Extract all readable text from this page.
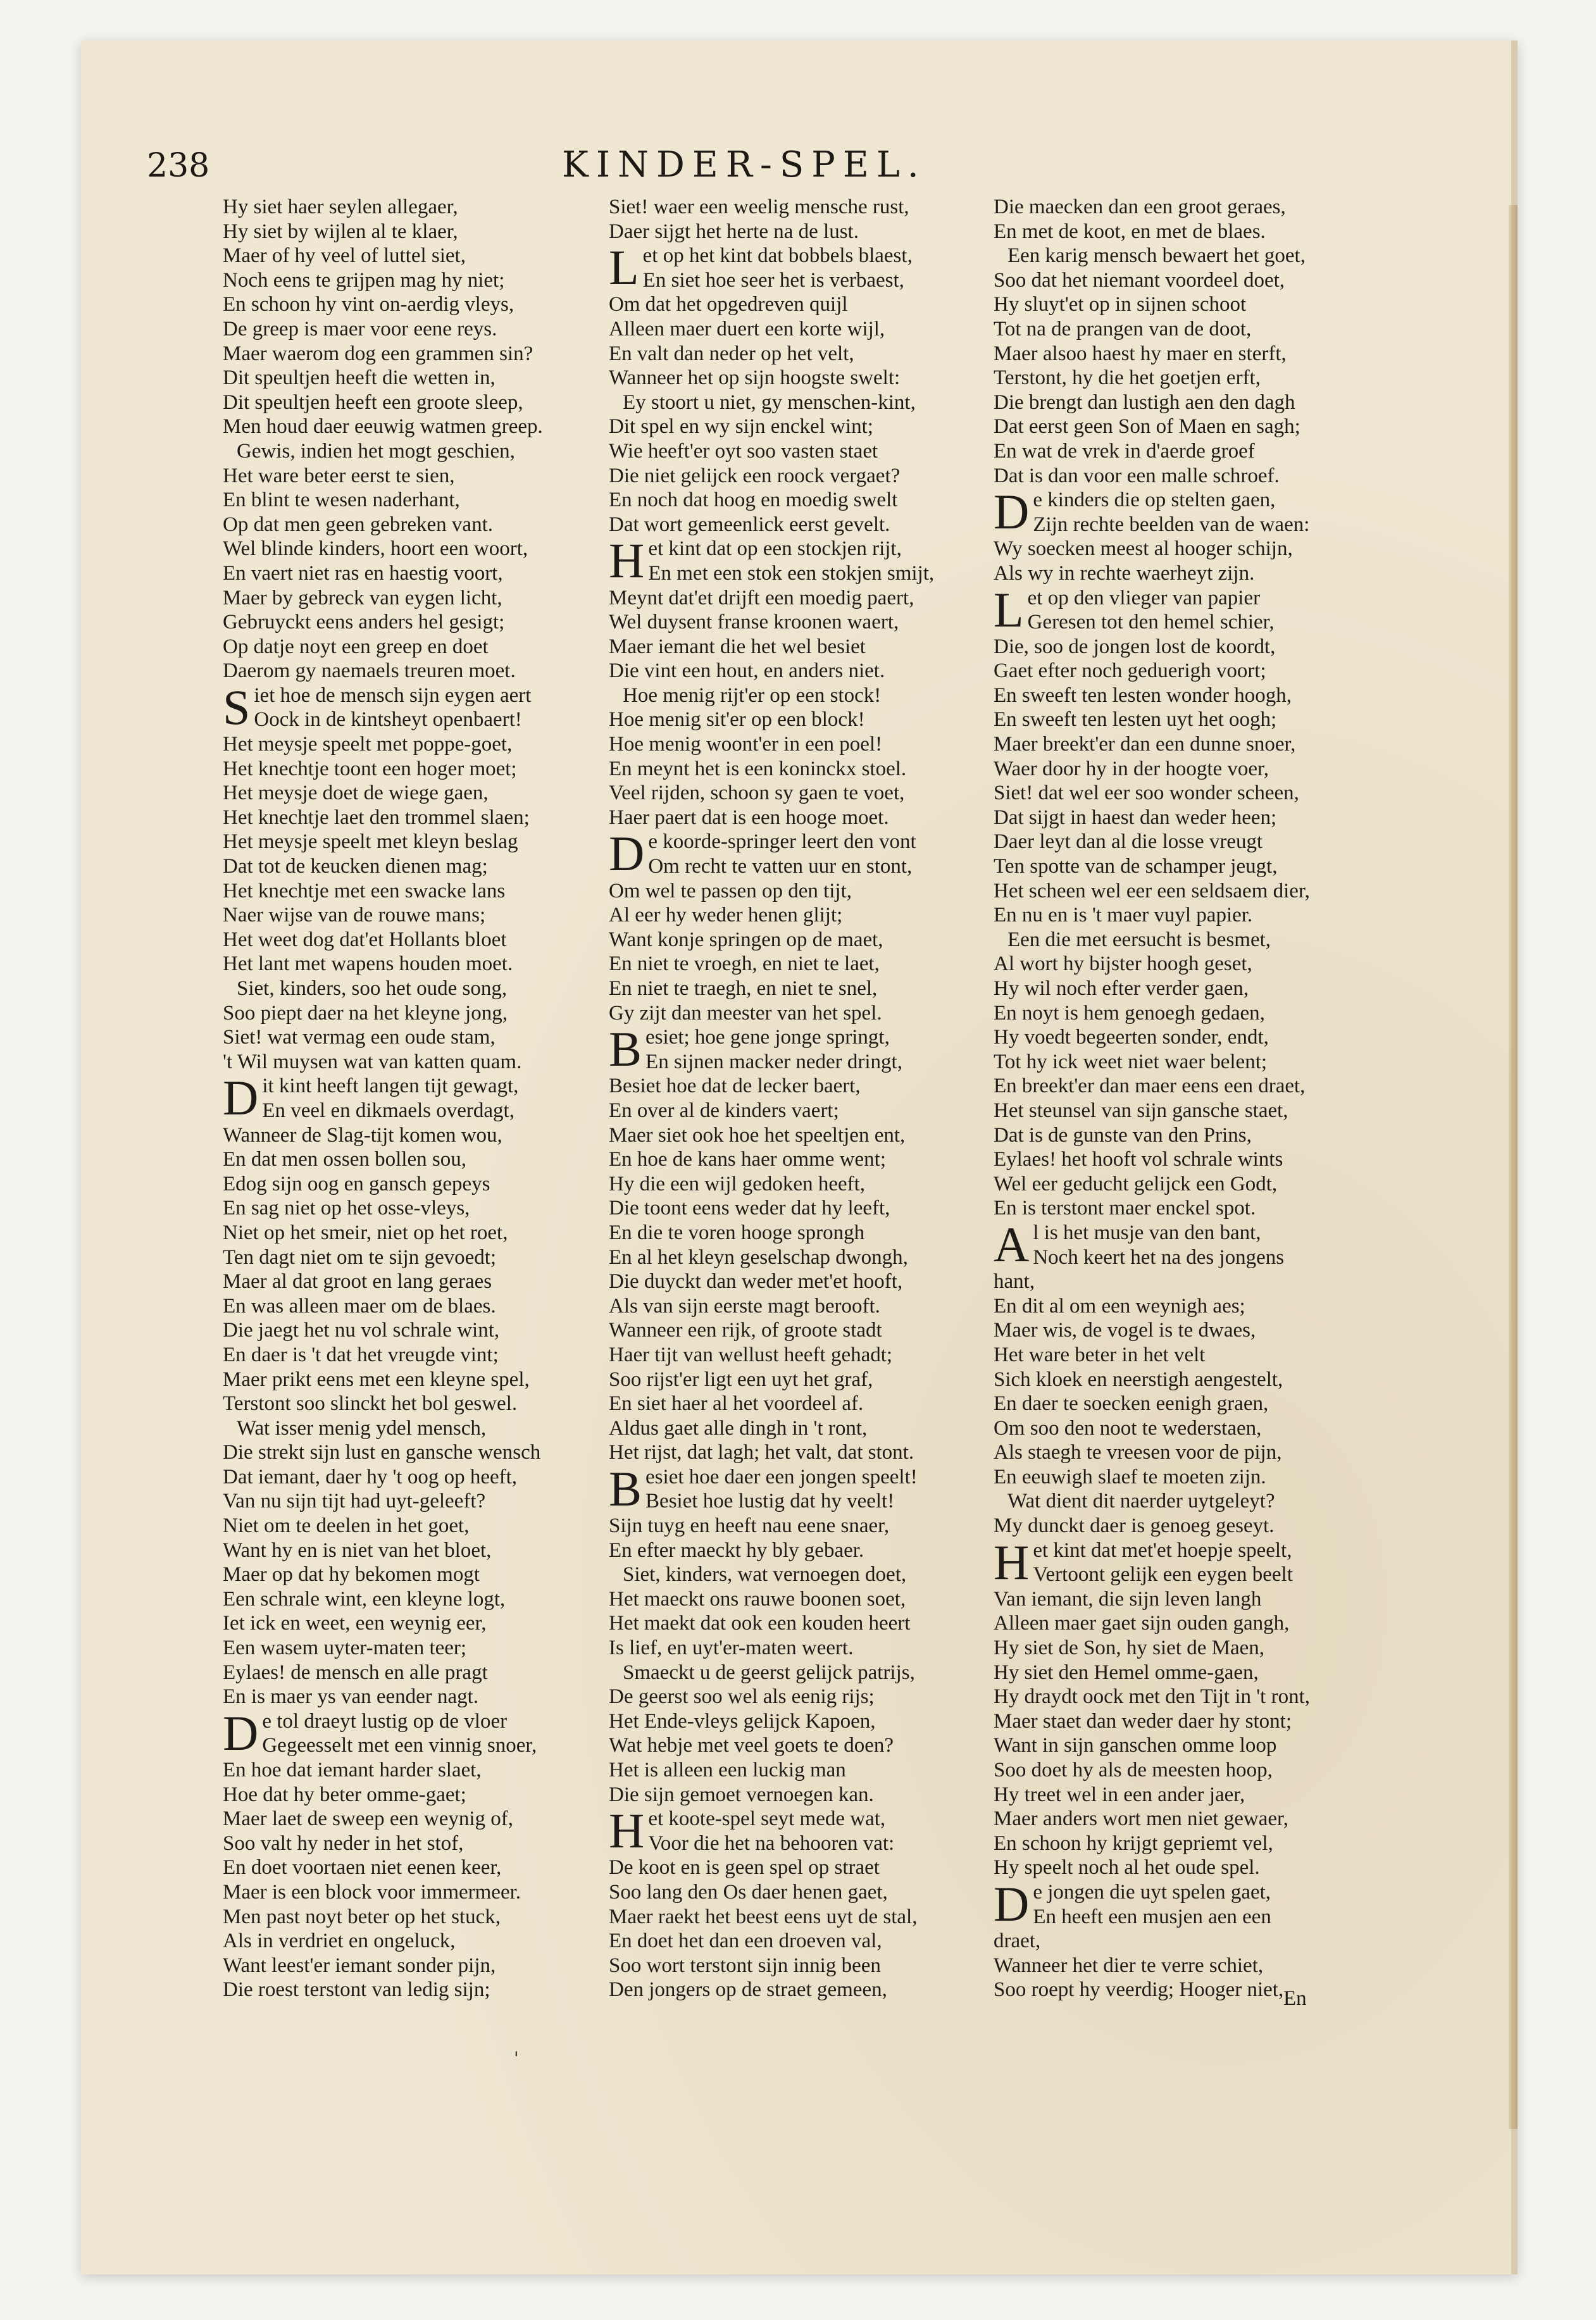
238	KINDER-SPEL.
Hy siet haer seylen allegaer,
Hy siet by wijlen al te klaer,
Maer of hy veel of luttel siet,
Noch eens te grijpen mag hy niet;
En schoon hy vint on-aerdig vleys,
De greep is maer voor eene reys.
Maer waerom dog een grammen sin?
Dit speultjen heeft die wetten in,
Dit speultjen heeft een groote sleep,
Men houd daer eeuwig watmen greep.
Gewis, indien het mogt geschien,
Het ware beter eerst te sien,
En blint te wesen naderhant,
Op dat men geen gebreken vant.
Wel blinde kinders, hoort een woort,
En vaert niet ras en haestig voort,
Maer by gebreck van eygen licht,
Gebruyckt eens anders hel gesigt;
Op datje noyt een greep en doet
Daerom gy naemaels treuren moet.
Siet hoe de mensch sijn eygen aert
Oock in de kintsheyt openbaert!
Het meysje speelt met poppe-goet,
Het knechtje toont een hoger moet;
Het meysje doet de wiege gaen,
Het knechtje laet den trommel slaen;
Het meysje speelt met kleyn beslag
Dat tot de keucken dienen mag;
Het knechtje met een swacke lans
Naer wijse van de rouwe mans;
Het weet dog dat'et Hollants bloet
Het lant met wapens houden moet.
Siet, kinders, soo het oude song,
Soo piept daer na het kleyne jong,
Siet! wat vermag een oude stam,
't Wil muysen wat van katten quam.
Dit kint heeft langen tijt gewagt,
En veel en dikmaels overdagt,
Wanneer de Slag-tijt komen wou,
En dat men ossen bollen sou,
Edog sijn oog en gansch gepeys
En sag niet op het osse-vleys,
Niet op het smeir, niet op het roet,
Ten dagt niet om te sijn gevoedt;
Maer al dat groot en lang geraes
En was alleen maer om de blaes.
Die jaegt het nu vol schrale wint,
En daer is 't dat het vreugde vint;
Maer prikt eens met een kleyne spel,
Terstont soo slinckt het bol geswel.
Wat isser menig ydel mensch,
Die strekt sijn lust en gansche wensch
Dat iemant, daer hy 't oog op heeft,
Van nu sijn tijt had uyt-geleeft?
Niet om te deelen in het goet,
Want hy en is niet van het bloet,
Maer op dat hy bekomen mogt
Een schrale wint, een kleyne logt,
Iet ick en weet, een weynig eer,
Een wasem uyter-maten teer;
Eylaes! de mensch en alle pragt
En is maer ys van eender nagt.
De tol draeyt lustig op de vloer
Gegeesselt met een vinnig snoer,
En hoe dat iemant harder slaet,
Hoe dat hy beter omme-gaet;
Maer laet de sweep een weynig of,
Soo valt hy neder in het stof,
En doet voortaen niet eenen keer,
Maer is een block voor immermeer.
Men past noyt beter op het stuck,
Als in verdriet en ongeluck,
Want leest'er iemant sonder pijn,
Die roest terstont van ledig sijn;
Siet! waer een weelig mensche rust,
Daer sijgt het herte na de lust.
Let op het kint dat bobbels blaest,
En siet hoe seer het is verbaest,
Om dat het opgedreven quijl
Alleen maer duert een korte wijl,
En valt dan neder op het velt,
Wanneer het op sijn hoogste swelt:
Ey stoort u niet, gy menschen-kint,
Dit spel en wy sijn enckel wint;
Wie heeft'er oyt soo vasten staet
Die niet gelijck een roock vergaet?
En noch dat hoog en moedig swelt
Dat wort gemeenlick eerst gevelt.
Het kint dat op een stockjen rijt,
En met een stok een stokjen smijt,
Meynt dat'et drijft een moedig paert,
Wel duysent franse kroonen waert,
Maer iemant die het wel besiet
Die vint een hout, en anders niet.
Hoe menig rijt'er op een stock!
Hoe menig sit'er op een block!
Hoe menig woont'er in een poel!
En meynt het is een koninckx stoel.
Veel rijden, schoon sy gaen te voet,
Haer paert dat is een hooge moet.
De koorde-springer leert den vont
Om recht te vatten uur en stont,
Om wel te passen op den tijt,
Al eer hy weder henen glijt;
Want konje springen op de maet,
En niet te vroegh, en niet te laet,
En niet te traegh, en niet te snel,
Gy zijt dan meester van het spel.
Besiet; hoe gene jonge springt,
En sijnen macker neder dringt,
Besiet hoe dat de lecker baert,
En over al de kinders vaert;
Maer siet ook hoe het speeltjen ent,
En hoe de kans haer omme went;
Hy die een wijl gedoken heeft,
Die toont eens weder dat hy leeft,
En die te voren hooge sprongh
En al het kleyn geselschap dwongh,
Die duyckt dan weder met'et hooft,
Als van sijn eerste magt berooft.
Wanneer een rijk, of groote stadt
Haer tijt van wellust heeft gehadt;
Soo rijst'er ligt een uyt het graf,
En siet haer al het voordeel af.
Aldus gaet alle dingh in 't ront,
Het rijst, dat lagh; het valt, dat stont.
Besiet hoe daer een jongen speelt!
Besiet hoe lustig dat hy veelt!
Sijn tuyg en heeft nau eene snaer,
En efter maeckt hy bly gebaer.
Siet, kinders, wat vernoegen doet,
Het maeckt ons rauwe boonen soet,
Het maekt dat ook een kouden heert
Is lief, en uyt'er-maten weert.
Smaeckt u de geerst gelijck patrijs,
De geerst soo wel als eenig rijs;
Het Ende-vleys gelijck Kapoen,
Wat hebje met veel goets te doen?
Het is alleen een luckig man
Die sijn gemoet vernoegen kan.
Het koote-spel seyt mede wat,
Voor die het na behooren vat:
De koot en is geen spel op straet
Soo lang den Os daer henen gaet,
Maer raekt het beest eens uyt de stal,
En doet het dan een droeven val,
Soo wort terstont sijn innig been
Den jongers op de straet gemeen,
Die maecken dan een groot geraes,
En met de koot, en met de blaes.
Een karig mensch bewaert het goet,
Soo dat het niemant voordeel doet,
Hy sluyt'et op in sijnen schoot
Tot na de prangen van de doot,
Maer alsoo haest hy maer en sterft,
Terstont, hy die het goetjen erft,
Die brengt dan lustigh aen den dagh
Dat eerst geen Son of Maen en sagh;
En wat de vrek in d'aerde groef
Dat is dan voor een malle schroef.
De kinders die op stelten gaen,
Zijn rechte beelden van de waen:
Wy soecken meest al hooger schijn,
Als wy in rechte waerheyt zijn.
Let op den vlieger van papier
Geresen tot den hemel schier,
Die, soo de jongen lost de koordt,
Gaet efter noch geduerigh voort;
En sweeft ten lesten wonder hoogh,
En sweeft ten lesten uyt het oogh;
Maer breekt'er dan een dunne snoer,
Waer door hy in der hoogte voer,
Siet! dat wel eer soo wonder scheen,
Dat sijgt in haest dan weder heen;
Daer leyt dan al die losse vreugt
Ten spotte van de schamper jeugt,
Het scheen wel eer een seldsaem dier,
En nu en is 't maer vuyl papier.
Een die met eersucht is besmet,
Al wort hy bijster hoogh geset,
Hy wil noch efter verder gaen,
En noyt is hem genoegh gedaen,
Hy voedt begeerten sonder, endt,
Tot hy ick weet niet waer belent;
En breekt'er dan maer eens een draet,
Het steunsel van sijn gansche staet,
Dat is de gunste van den Prins,
Eylaes! het hooft vol schrale wints
Wel eer geducht gelijck een Godt,
En is terstont maer enckel spot.
Al is het musje van den bant,
Noch keert het na des jongens
hant,
En dit al om een weynigh aes;
Maer wis, de vogel is te dwaes,
Het ware beter in het velt
Sich kloek en neerstigh aengestelt,
En daer te soecken eenigh graen,
Om soo den noot te wederstaen,
Als staegh te vreesen voor de pijn,
En eeuwigh slaef te moeten zijn.
Wat dient dit naerder uytgeleyt?
My dunckt daer is genoeg geseyt.
Het kint dat met'et hoepje speelt,
Vertoont gelijk een eygen beelt
Van iemant, die sijn leven langh
Alleen maer gaet sijn ouden gangh,
Hy siet de Son, hy siet de Maen,
Hy siet den Hemel omme-gaen,
Hy draydt oock met den Tijt in 't ront,
Maer staet dan weder daer hy stont;
Want in sijn ganschen omme loop
Soo doet hy als de meesten hoop,
Hy treet wel in een ander jaer,
Maer anders wort men niet gewaer,
En schoon hy krijgt gepriemt vel,
Hy speelt noch al het oude spel.
De jongen die uyt spelen gaet,
En heeft een musjen aen een
draet,
Wanneer het dier te verre schiet,
Soo roept hy veerdig; Hooger niet, En
'
